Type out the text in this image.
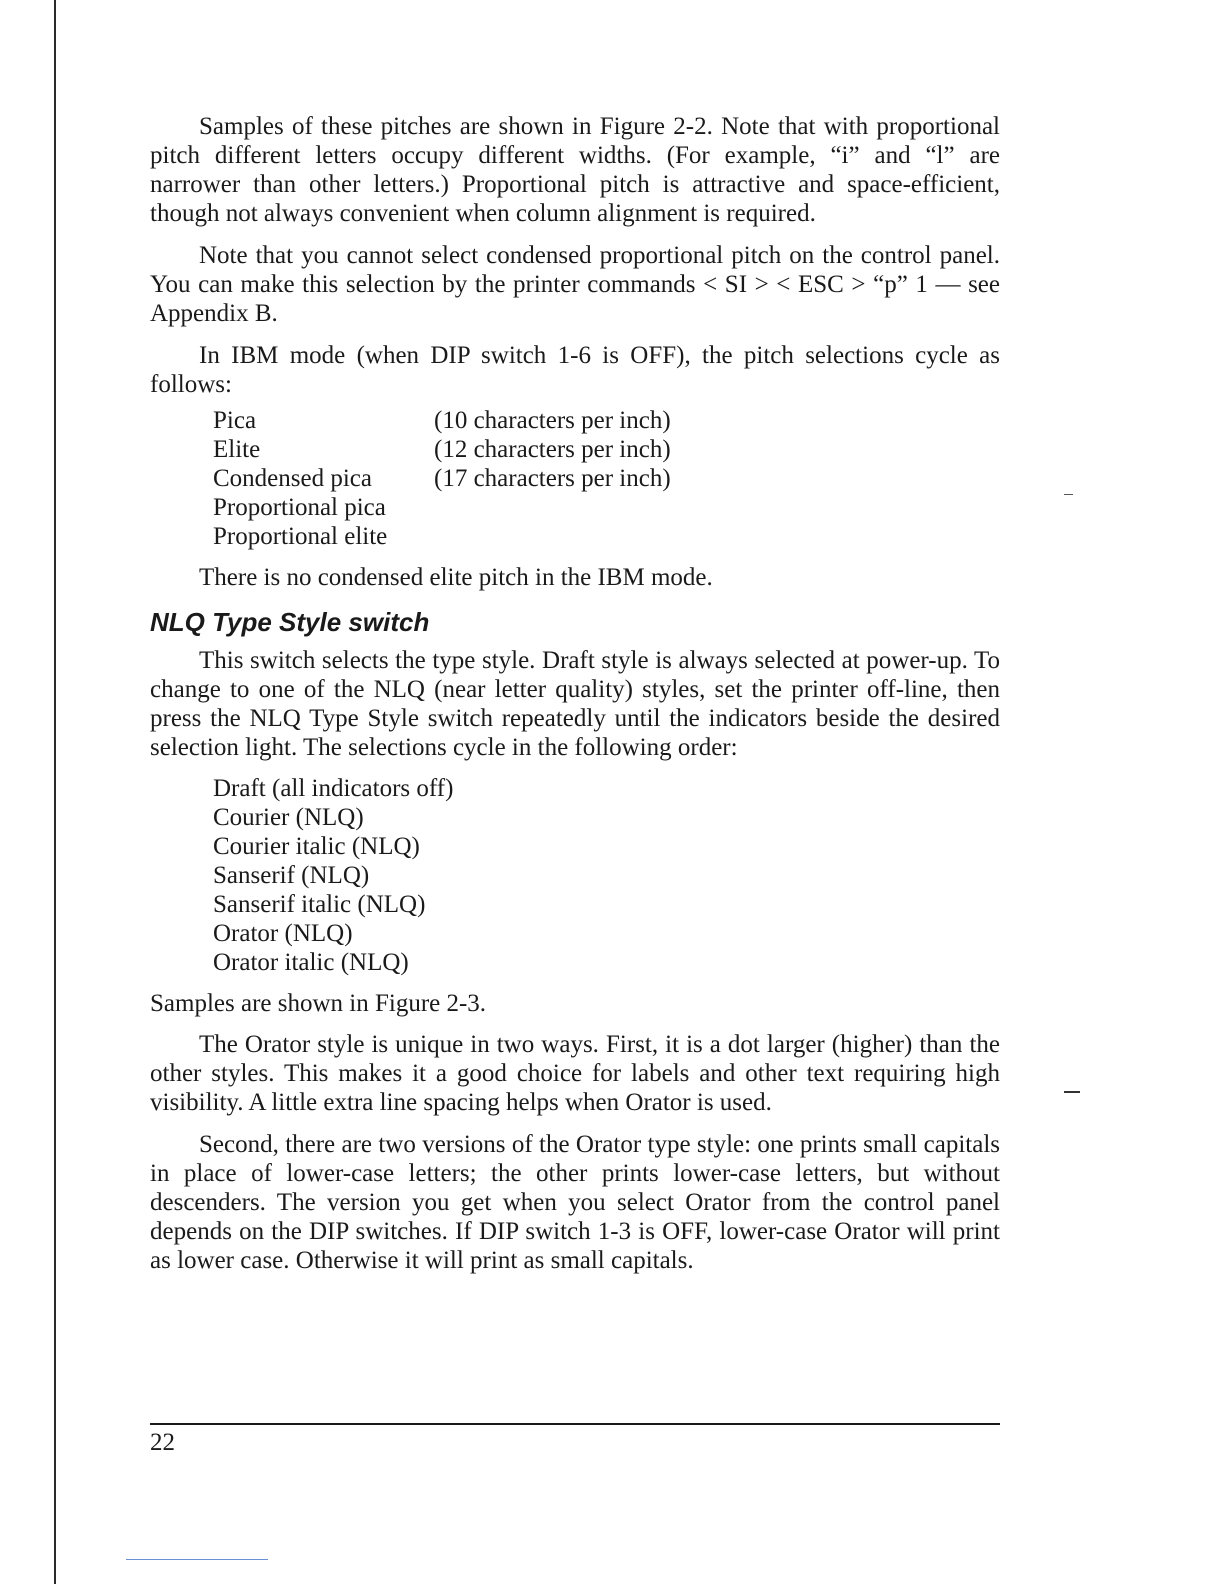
Samples of these pitches are shown in Figure 2-2. Note that with proportional pitch different letters occupy different widths. (For example, “i” and “l” are narrower than other letters.) Proportional pitch is attractive and space-efficient, though not always convenient when column alignment is required.

Note that you cannot select condensed proportional pitch on the control panel. You can make this selection by the printer commands < SI > < ESC > “p” 1 — see Appendix B.

In IBM mode (when DIP switch 1-6 is OFF), the pitch selections cycle as follows:

Pica	(10 characters per inch)
Elite	(12 characters per inch)
Condensed pica	(17 characters per inch)
Proportional pica	
Proportional elite	

There is no condensed elite pitch in the IBM mode.

NLQ Type Style switch

This switch selects the type style. Draft style is always selected at power-up. To change to one of the NLQ (near letter quality) styles, set the printer off-line, then press the NLQ Type Style switch repeatedly until the indicators beside the desired selection light. The selections cycle in the following order:

Draft (all indicators off)
Courier (NLQ)
Courier italic (NLQ)
Sanserif (NLQ)
Sanserif italic (NLQ)
Orator (NLQ)
Orator italic (NLQ)

Samples are shown in Figure 2-3.

The Orator style is unique in two ways. First, it is a dot larger (higher) than the other styles. This makes it a good choice for labels and other text requiring high visibility. A little extra line spacing helps when Orator is used.

Second, there are two versions of the Orator type style: one prints small capitals in place of lower-case letters; the other prints lower-case letters, but without descenders. The version you get when you select Orator from the control panel depends on the DIP switches. If DIP switch 1-3 is OFF, lower-case Orator will print as lower case. Otherwise it will print as small capitals.

22
